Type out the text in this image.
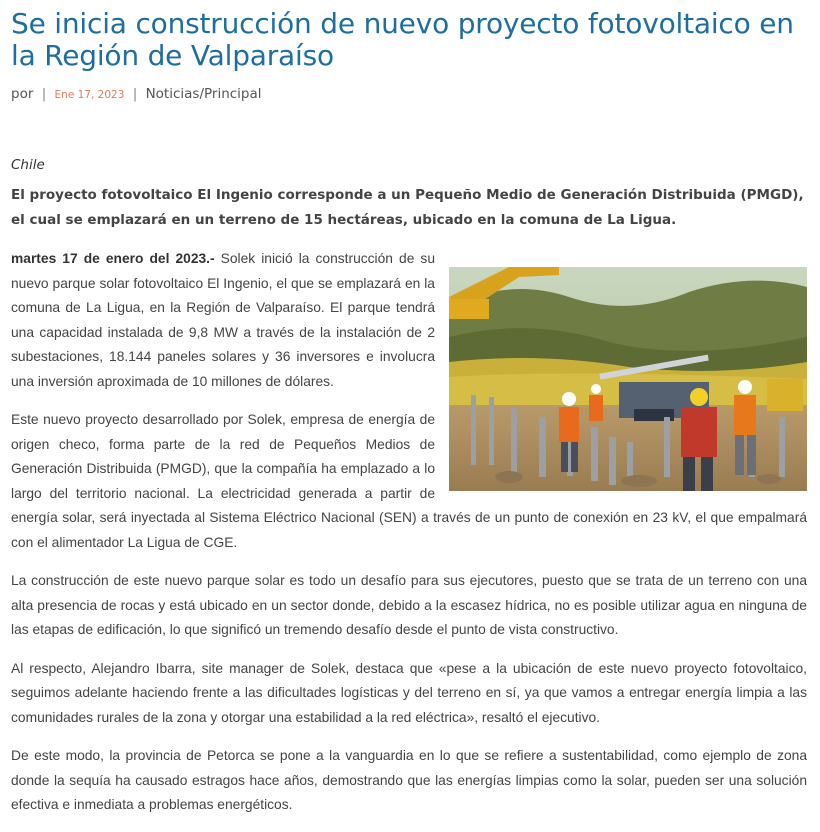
Se inicia construcción de nuevo proyecto fotovoltaico en la Región de Valparaíso
por | Ene 17, 2023 | Noticias/Principal
Chile
El proyecto fotovoltaico El Ingenio corresponde a un Pequeño Medio de Generación Distribuida (PMGD), el cual se emplazará en un terreno de 15 hectáreas, ubicado en la comuna de La Ligua.

martes 17 de enero del 2023.- Solek inició la construcción de su nuevo parque solar fotovoltaico El Ingenio, el que se emplazará en la comuna de La Ligua, en la Región de Valparaíso. El parque tendrá una capacidad instalada de 9,8 MW a través de la instalación de 2 subestaciones, 18.144 paneles solares y 36 inversores e involucra una inversión aproximada de 10 millones de dólares.

Este nuevo proyecto desarrollado por Solek, empresa de energía de origen checo, forma parte de la red de Pequeños Medios de Generación Distribuida (PMGD), que la compañía ha emplazado a lo largo del territorio nacional. La electricidad generada a partir de energía solar, será inyectada al Sistema Eléctrico Nacional (SEN) a través de un punto de conexión en 23 kV, el que empalmará con el alimentador La Ligua de CGE.

La construcción de este nuevo parque solar es todo un desafío para sus ejecutores, puesto que se trata de un terreno con una alta presencia de rocas y está ubicado en un sector donde, debido a la escasez hídrica, no es posible utilizar agua en ninguna de las etapas de edificación, lo que significó un tremendo desafío desde el punto de vista constructivo.

Al respecto, Alejandro Ibarra, site manager de Solek, destaca que «pese a la ubicación de este nuevo proyecto fotovoltaico, seguimos adelante haciendo frente a las dificultades logísticas y del terreno en sí, ya que vamos a entregar energía limpia a las comunidades rurales de la zona y otorgar una estabilidad a la red eléctrica», resaltó el ejecutivo.

De este modo, la provincia de Petorca se pone a la vanguardia en lo que se refiere a sustentabilidad, como ejemplo de zona donde la sequía ha causado estragos hace años, demostrando que las energías limpias como la solar, pueden ser una solución efectiva e inmediata a problemas energéticos.
